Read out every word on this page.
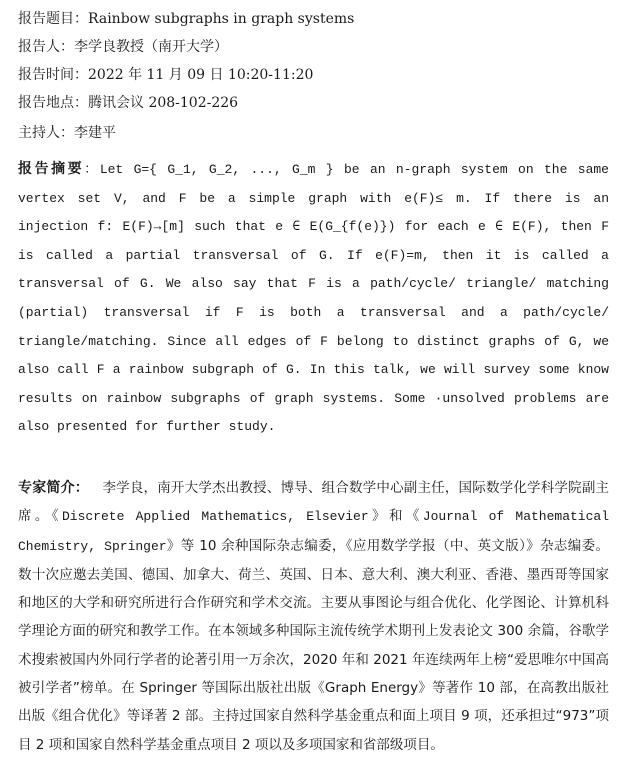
报告题目：Rainbow subgraphs in graph systems

报告人：李学良教授（南开大学）

报告时间：2022 年 11 月 09 日 10:20-11:20

报告地点：腾讯会议 208-102-226

主持人：李建平

报告摘要：Let G={ G_1, G_2, ..., G_m } be an n-graph system on the same vertex set V, and F be a simple graph with e(F)≤ m. If there is an injection f: E(F)→[m] such that e ∈ E(G_{f(e)}) for each e ∈ E(F), then F is called a partial transversal of G. If e(F)=m, then it is called a transversal of G. We also say that F is a path/cycle/ triangle/ matching (partial) transversal if F is both a transversal and a path/cycle/ triangle/matching. Since all edges of F belong to distinct graphs of G, we also call F a rainbow subgraph of G. In this talk, we will survey some know results on rainbow subgraphs of graph systems. Some ·unsolved problems are also presented for further study.

专家简介： 李学良，南开大学杰出教授、博导、组合数学中心副主任，国际数学化学科学院副主席。《Discrete Applied Mathematics, Elsevier》和《Journal of Mathematical Chemistry, Springer》等 10 余种国际杂志编委，《应用数学学报（中、英文版）》杂志编委。数十次应邀去美国、德国、加拿大、荷兰、英国、日本、意大利、澳大利亚、香港、墨西哥等国家和地区的大学和研究所进行合作研究和学术交流。主要从事图论与组合优化、化学图论、计算机科学理论方面的研究和教学工作。在本领域多种国际主流传统学术期刊上发表论文 300 余篇，谷歌学术搜索被国内外同行学者的论著引用一万余次，2020 年和 2021 年连续两年上榜“爱思唯尔中国高被引学者”榜单。在 Springer 等国际出版社出版《Graph Energy》等著作 10 部，在高教出版社出版《组合优化》等译著 2 部。主持过国家自然科学基金重点和面上项目 9 项，还承担过“973”项目 2 项和国家自然科学基金重点项目 2 项以及多项国家和省部级项目。
